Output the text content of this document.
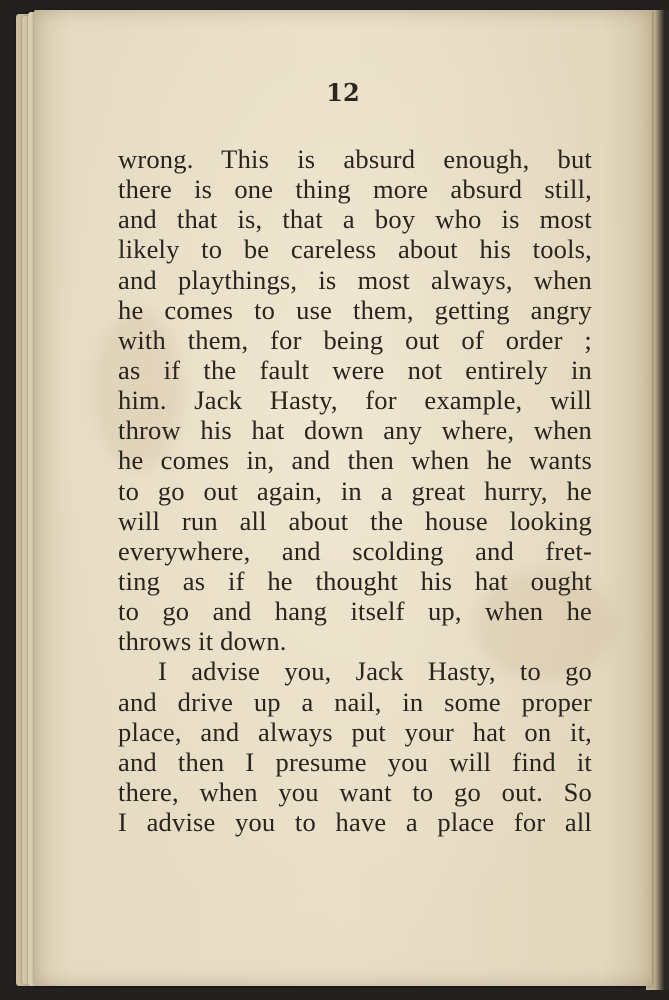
12
wrong. This is absurd enough, but
there is one thing more absurd still,
and that is, that a boy who is most
likely to be careless about his tools,
and playthings, is most always, when
he comes to use them, getting angry
with them, for being out of order ;
as if the fault were not entirely in
him. Jack Hasty, for example, will
throw his hat down any where, when
he comes in, and then when he wants
to go out again, in a great hurry, he
will run all about the house looking
everywhere, and scolding and fret-
ting as if he thought his hat ought
to go and hang itself up, when he
throws it down.
I advise you, Jack Hasty, to go
and drive up a nail, in some proper
place, and always put your hat on it,
and then I presume you will find it
there, when you want to go out. So
I advise you to have a place for all
